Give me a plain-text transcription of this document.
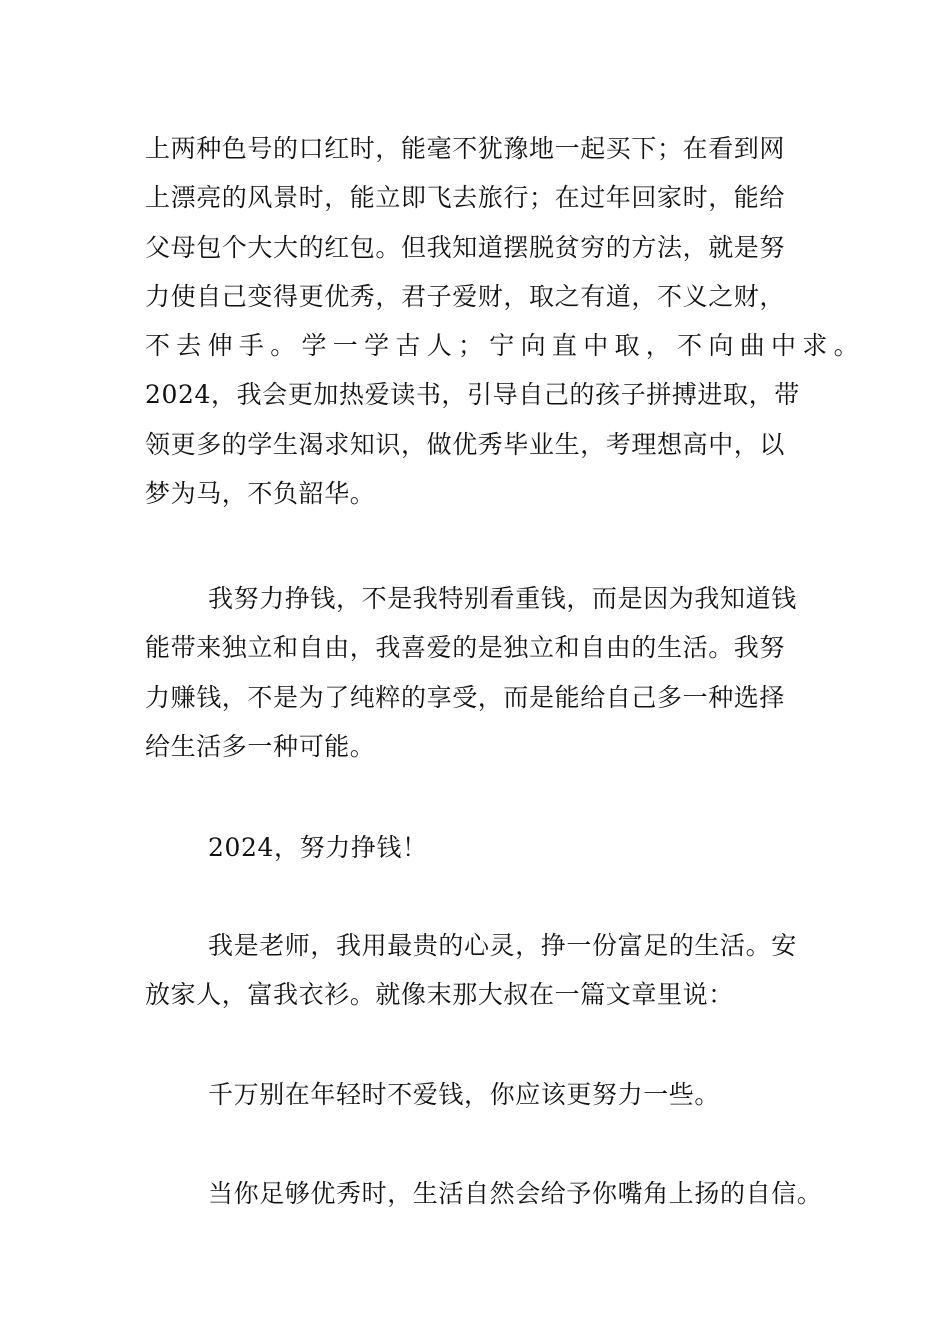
上两种色号的口红时，能毫不犹豫地一起买下；在看到网
上漂亮的风景时，能立即飞去旅行；在过年回家时，能给
父母包个大大的红包。但我知道摆脱贫穷的方法，就是努
力使自己变得更优秀，君子爱财，取之有道，不义之财，
不去伸手。学一学古人；宁向直中取，不向曲中求。
2024，我会更加热爱读书，引导自己的孩子拼搏进取，带
领更多的学生渴求知识，做优秀毕业生，考理想高中，以
梦为马，不负韶华。
我努力挣钱，不是我特别看重钱，而是因为我知道钱
能带来独立和自由，我喜爱的是独立和自由的生活。我努
力赚钱，不是为了纯粹的享受，而是能给自己多一种选择
给生活多一种可能。
2024，努力挣钱！
我是老师，我用最贵的心灵，挣一份富足的生活。安
放家人，富我衣衫。就像末那大叔在一篇文章里说：
千万别在年轻时不爱钱，你应该更努力一些。
当你足够优秀时，生活自然会给予你嘴角上扬的自信。
